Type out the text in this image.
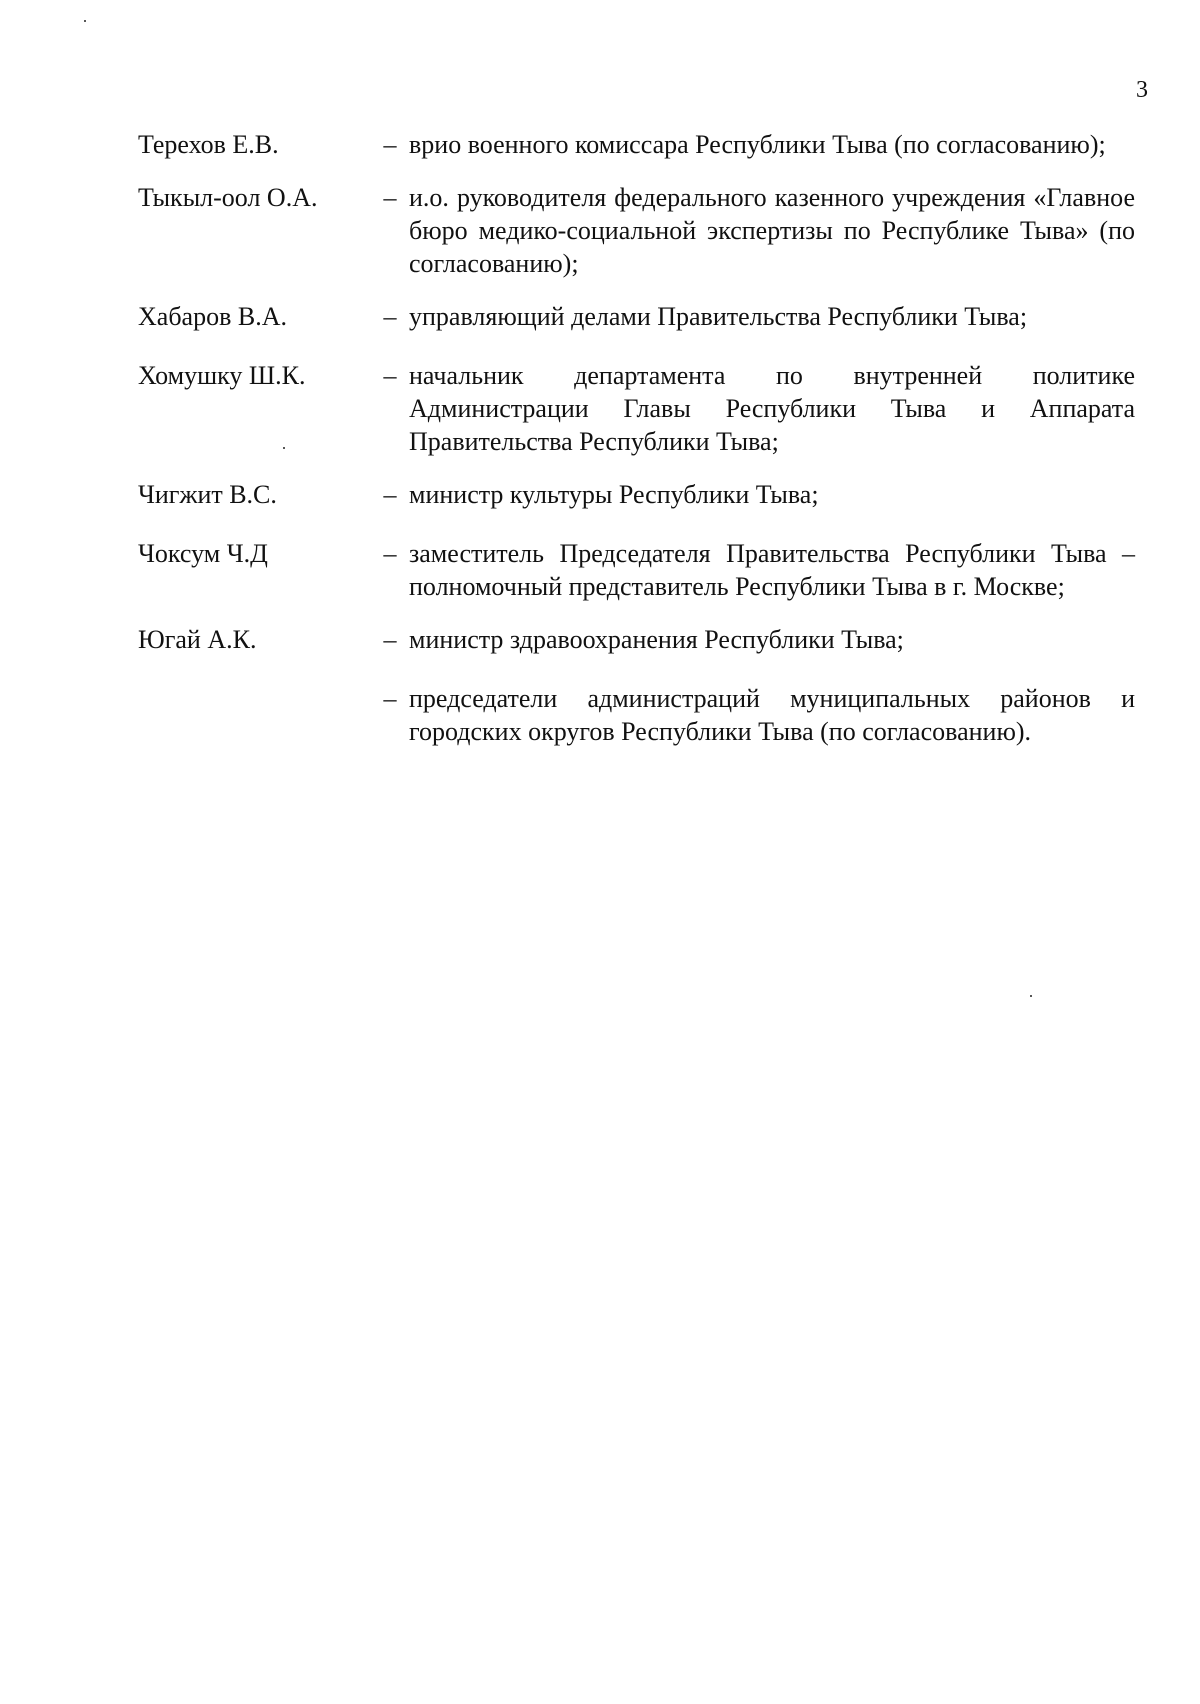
3
Терехов Е.В.	– врио военного комиссара Республики Тыва (по согласованию);
Тыкыл-оол О.А.	– и.о. руководителя федерального казенного учреждения «Главное бюро медико-социальной экспертизы по Республике Тыва» (по согласованию);
Хабаров В.А.	– управляющий делами Правительства Республики Тыва;
Хомушку Ш.К.	– начальник департамента по внутренней политике Администрации Главы Республики Тыва и Аппарата Правительства Республики Тыва;
Чигжит В.С.	– министр культуры Республики Тыва;
Чоксум Ч.Д	– заместитель Председателя Правительства Республики Тыва – полномочный представитель Республики Тыва в г. Москве;
Югай А.К.	– министр здравоохранения Республики Тыва;
– председатели администраций муниципальных районов и городских округов Республики Тыва (по согласованию).
